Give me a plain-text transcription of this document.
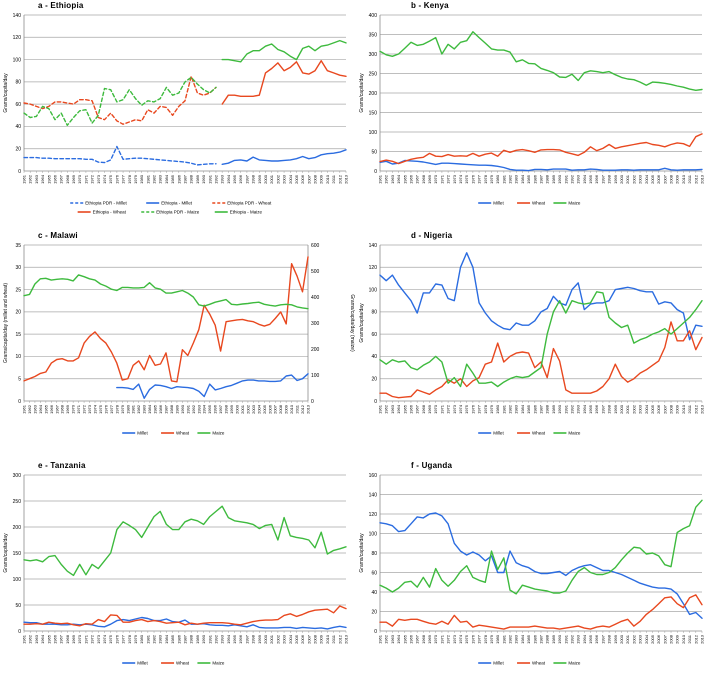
a - Ethiopia
0
20
40
60
80
100
120
140
Grams/capita/day
1961 1962 1963 1964 1965 1966 1967 1968 1969 1970 1971 1972 1973 1974 1975 1976 1977 1978 1979 1980 1981 1982 1983 1984 1985 1986 1987 1988 1989 1990 1991 1992 1993 1994 1995 1996 1997 1998 1999 2000 2001 2002 2003 2004 2005 2006 2007 2008 2009 2010 2011 2012 2013
Ethiopia PDR - Millet	Ethiopia - Millet	Ethiopia PDR - Wheat
Ethiopia - Wheat	Ethiopia PDR - Maize	Ethiopia - Maize
b - Kenya
0
50
100
150
200
250
300
350
400
Grams/capita/day
1961 1962 1963 1964 1965 1966 1967 1968 1969 1970 1971 1972 1973 1974 1975 1976 1977 1978 1979 1980 1981 1982 1983 1984 1985 1986 1987 1988 1989 1990 1991 1992 1993 1994 1995 1996 1997 1998 1999 2000 2001 2002 2003 2004 2005 2006 2007 2008 2009 2010 2011 2012 2013
Millet	Wheat	Maize
c - Malawi
0
5
10
15
20
25
30
35
Grams/capita/day (millet and wheat)
0
100
200
300
400
500
600
Grams/capita/day (maize)
1961 1962 1963 1964 1965 1966 1967 1968 1969 1970 1971 1972 1973 1974 1975 1976 1977 1978 1979 1980 1981 1982 1983 1984 1985 1986 1987 1988 1989 1990 1991 1992 1993 1994 1995 1996 1997 1998 1999 2000 2001 2002 2003 2004 2005 2006 2007 2008 2009 2010 2011 2012 2013
Millet	Wheat	Maize
d - Nigeria
0
20
40
60
80
100
120
140
Grams/capita/day
1961 1962 1963 1964 1965 1966 1967 1968 1969 1970 1971 1972 1973 1974 1975 1976 1977 1978 1979 1980 1981 1982 1983 1984 1985 1986 1987 1988 1989 1990 1991 1992 1993 1994 1995 1996 1997 1998 1999 2000 2001 2002 2003 2004 2005 2006 2007 2008 2009 2010 2011 2012 2013
Millet	Wheat	Maize
e - Tanzania
0
50
100
150
200
250
300
Grams/capita/day
1961 1962 1963 1964 1965 1966 1967 1968 1969 1970 1971 1972 1973 1974 1975 1976 1977 1978 1979 1980 1981 1982 1983 1984 1985 1986 1987 1988 1989 1990 1991 1992 1993 1994 1995 1996 1997 1998 1999 2000 2001 2002 2003 2004 2005 2006 2007 2008 2009 2010 2011 2012 2013
Millet	Wheat	Maize
f - Uganda
0
20
40
60
80
100
120
140
160
Grams/capita/day
1961 1962 1963 1964 1965 1966 1967 1968 1969 1970 1971 1972 1973 1974 1975 1976 1977 1978 1979 1980 1981 1982 1983 1984 1985 1986 1987 1988 1989 1990 1991 1992 1993 1994 1995 1996 1997 1998 1999 2000 2001 2002 2003 2004 2005 2006 2007 2008 2009 2010 2011 2012 2013
Millet	Wheat	Maize
